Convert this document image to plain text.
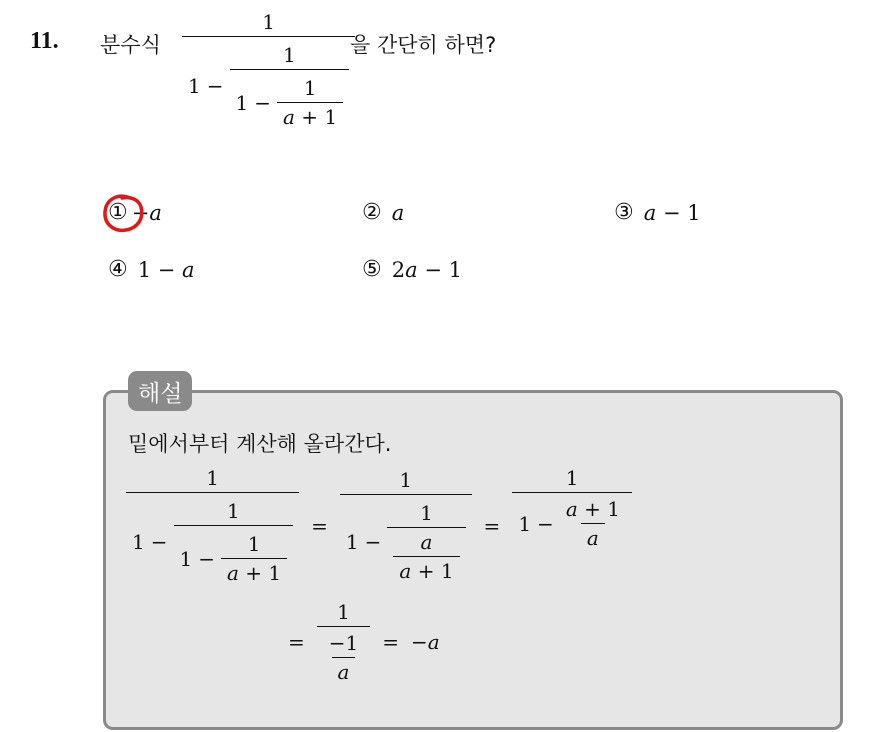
11. 분수식
1
1 −
1
$1 - \frac{1}{a + 1}$
을 간단히 하면?
① −a	② a	③ a − 1
④ 1 − a	⑤ 2a − 1
해설
밑에서부터 계산해 올라간다.
1
1 −
1
$1 - \frac{1}{a + 1}$
=
1
$1 - \frac{1}{\frac{a}{a + 1}} = \frac{1}{1 - \frac{a + 1}{a}}$
= $\frac{1}{\frac{-1}{a}} = -a$
